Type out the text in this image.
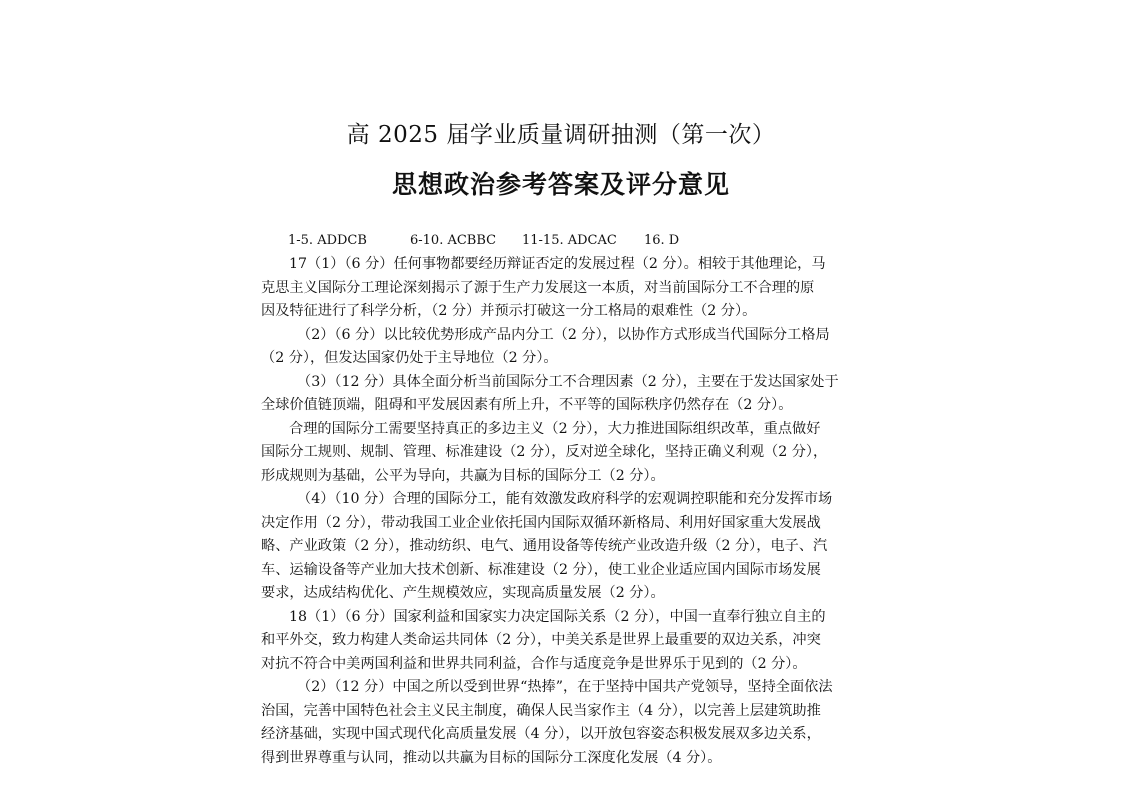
高 2025 届学业质量调研抽测（第一次）
思想政治参考答案及评分意见
1-5. ADDCB	6-10. ACBBC 11-15. ADCAC 16. D
17（1）（6 分）任何事物都要经历辩证否定的发展过程（2 分）。相较于其他理论，马
克思主义国际分工理论深刻揭示了源于生产力发展这一本质，对当前国际分工不合理的原
因及特征进行了科学分析，（2 分）并预示打破这一分工格局的艰难性（2 分）。
（2）（6 分）以比较优势形成产品内分工（2 分），以协作方式形成当代国际分工格局
（2 分），但发达国家仍处于主导地位（2 分）。
（3）（12 分）具体全面分析当前国际分工不合理因素（2 分），主要在于发达国家处于
全球价值链顶端，阻碍和平发展因素有所上升，不平等的国际秩序仍然存在（2 分）。
合理的国际分工需要坚持真正的多边主义（2 分），大力推进国际组织改革，重点做好
国际分工规则、规制、管理、标准建设（2 分），反对逆全球化，坚持正确义利观（2 分），
形成规则为基础，公平为导向，共赢为目标的国际分工（2 分）。
（4）（10 分）合理的国际分工，能有效激发政府科学的宏观调控职能和充分发挥市场
决定作用（2 分），带动我国工业企业依托国内国际双循环新格局、利用好国家重大发展战
略、产业政策（2 分），推动纺织、电气、通用设备等传统产业改造升级（2 分），电子、汽
车、运输设备等产业加大技术创新、标准建设（2 分），使工业企业适应国内国际市场发展
要求，达成结构优化、产生规模效应，实现高质量发展（2 分）。
18（1）（6 分）国家利益和国家实力决定国际关系（2 分），中国一直奉行独立自主的
和平外交，致力构建人类命运共同体（2 分），中美关系是世界上最重要的双边关系，冲突
对抗不符合中美两国利益和世界共同利益，合作与适度竞争是世界乐于见到的（2 分）。
（2）（12 分）中国之所以受到世界“热捧”，在于坚持中国共产党领导，坚持全面依法
治国，完善中国特色社会主义民主制度，确保人民当家作主（4 分），以完善上层建筑助推
经济基础，实现中国式现代化高质量发展（4 分），以开放包容姿态积极发展双多边关系，
得到世界尊重与认同，推动以共赢为目标的国际分工深度化发展（4 分）。
